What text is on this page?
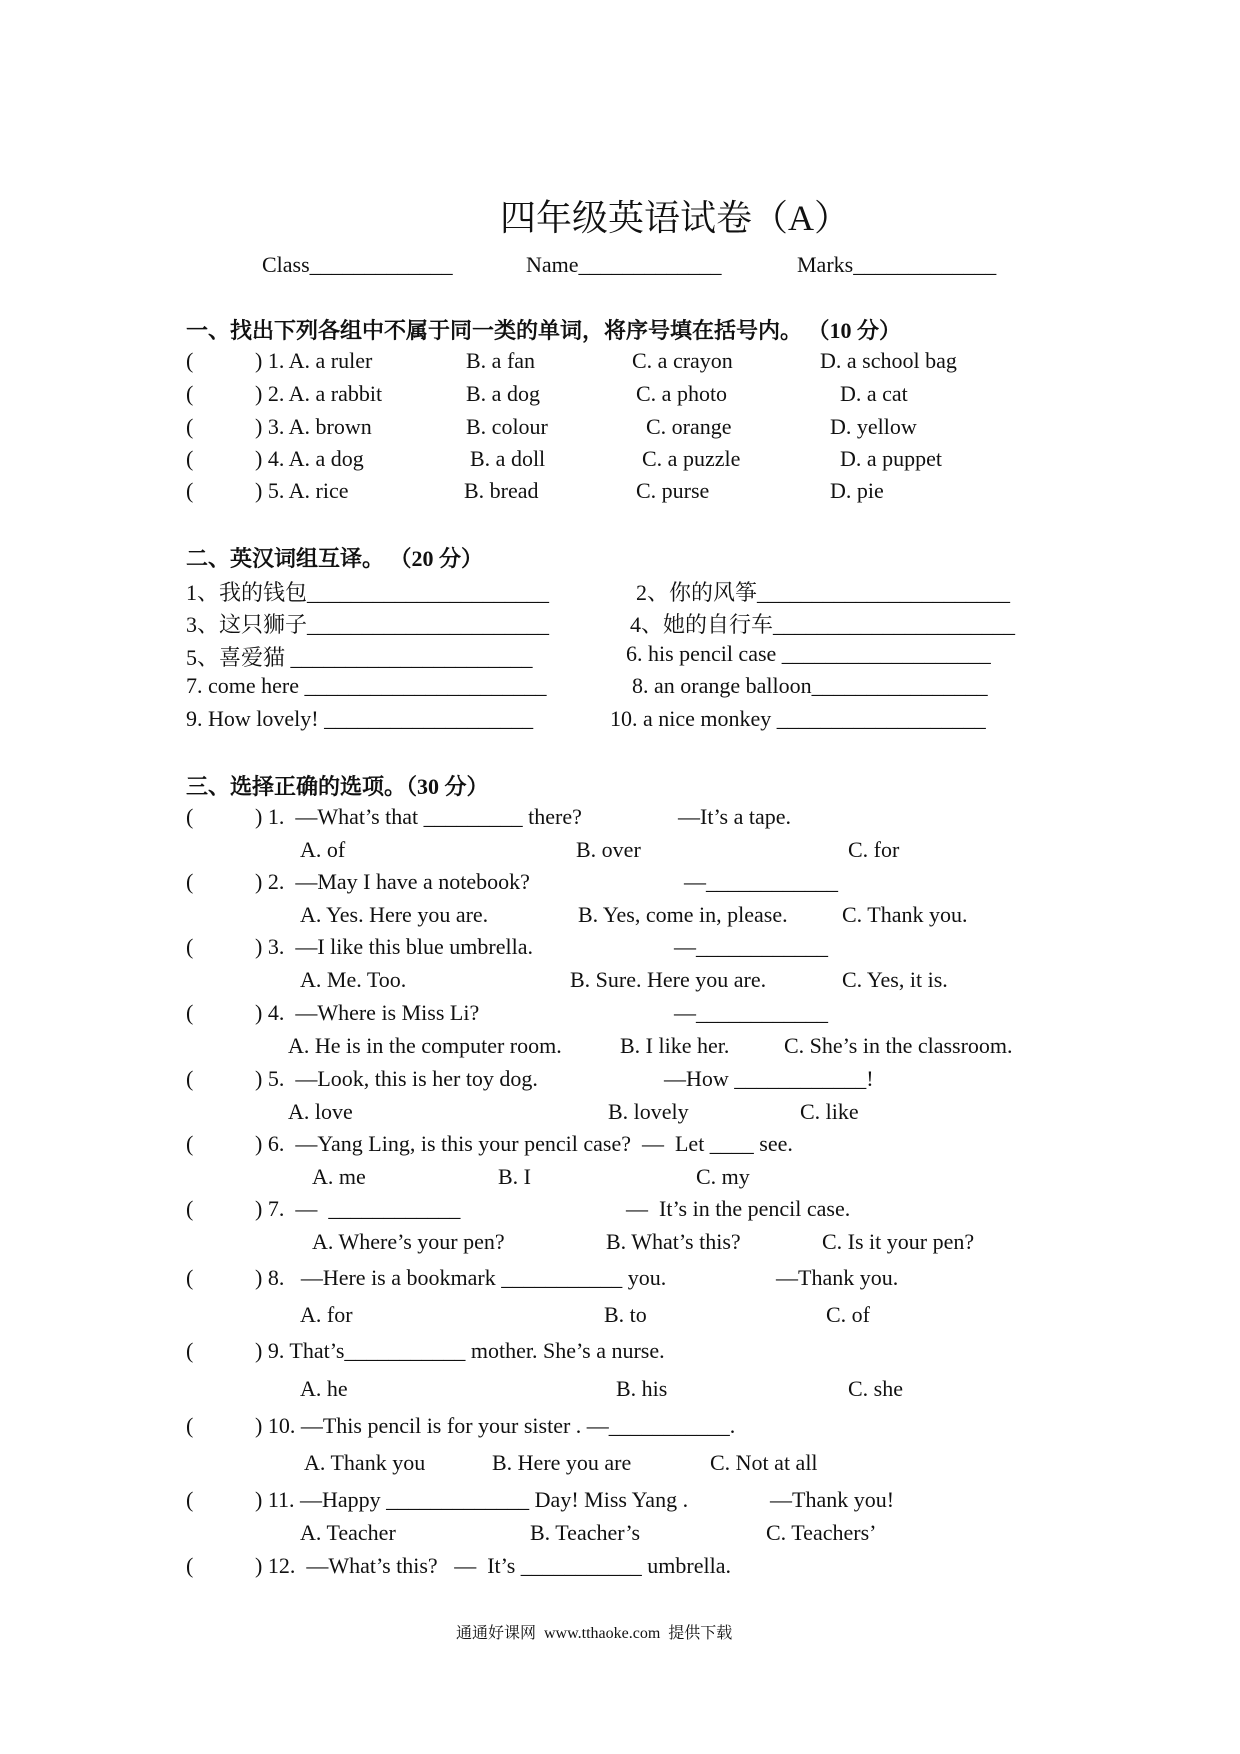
四年级英语试卷（A）
Class_____________	Name_____________	Marks_____________
一、找出下列各组中不属于同一类的单词，将序号填在括号内。 （10 分）
(	) 1. A. a ruler	B. a fan	C. a crayon	D. a school bag
(	) 2. A. a rabbit	B. a dog	C. a photo	D. a cat
(	) 3. A. brown	B. colour	C. orange	D. yellow
(	) 4. A. a dog	B. a doll	C. a puzzle	D. a puppet
(	) 5. A. rice	B. bread	C. purse	D. pie
二、英汉词组互译。 （20 分）
1、我的钱包______________________	2、你的风筝_______________________
3、这只狮子______________________	4、她的自行车______________________
5、喜爱猫 ______________________	6. his pencil case ___________________
7. come here ______________________	8. an orange balloon________________
9. How lovely! ___________________	10. a nice monkey ___________________
三、选择正确的选项。（30 分）
(	) 1.  —What’s that _________ there?	—It’s a tape.
A. of	B. over	C. for
(	) 2.  —May I have a notebook?	—____________
A. Yes. Here you are.	B. Yes, come in, please. C. Thank you.
(	) 3.  —I like this blue umbrella.	—____________
A. Me. Too.	B. Sure. Here you are.	C. Yes, it is.
(	) 4.  —Where is Miss Li?	—____________
A. He is in the computer room.	B. I like her. C. She’s in the classroom.
(	) 5.  —Look, this is her toy dog.	—How ____________!
A. love	B. lovely	C. like
(	) 6.  —Yang Ling, is this your pencil case?  —  Let ____ see.
A. me	B. I	C. my
(	) 7.  —  ____________	—  It’s in the pencil case.
A. Where’s your pen?	B. What’s this?	C. Is it your pen?
(	) 8.   —Here is a bookmark ___________ you.	—Thank you.
A. for	B. to	C. of
(	) 9. That’s___________ mother. She’s a nurse.
A. he	B. his	C. she
(	) 10. —This pencil is for your sister . —___________.
A. Thank you	B. Here you are	C. Not at all
(	) 11. —Happy _____________ Day! Miss Yang .	—Thank you!
A. Teacher	B. Teacher’s	C. Teachers’
(	) 12.  —What’s this?   —  It’s ___________ umbrella.
通通好课网  www.tthaoke.com  提供下载
